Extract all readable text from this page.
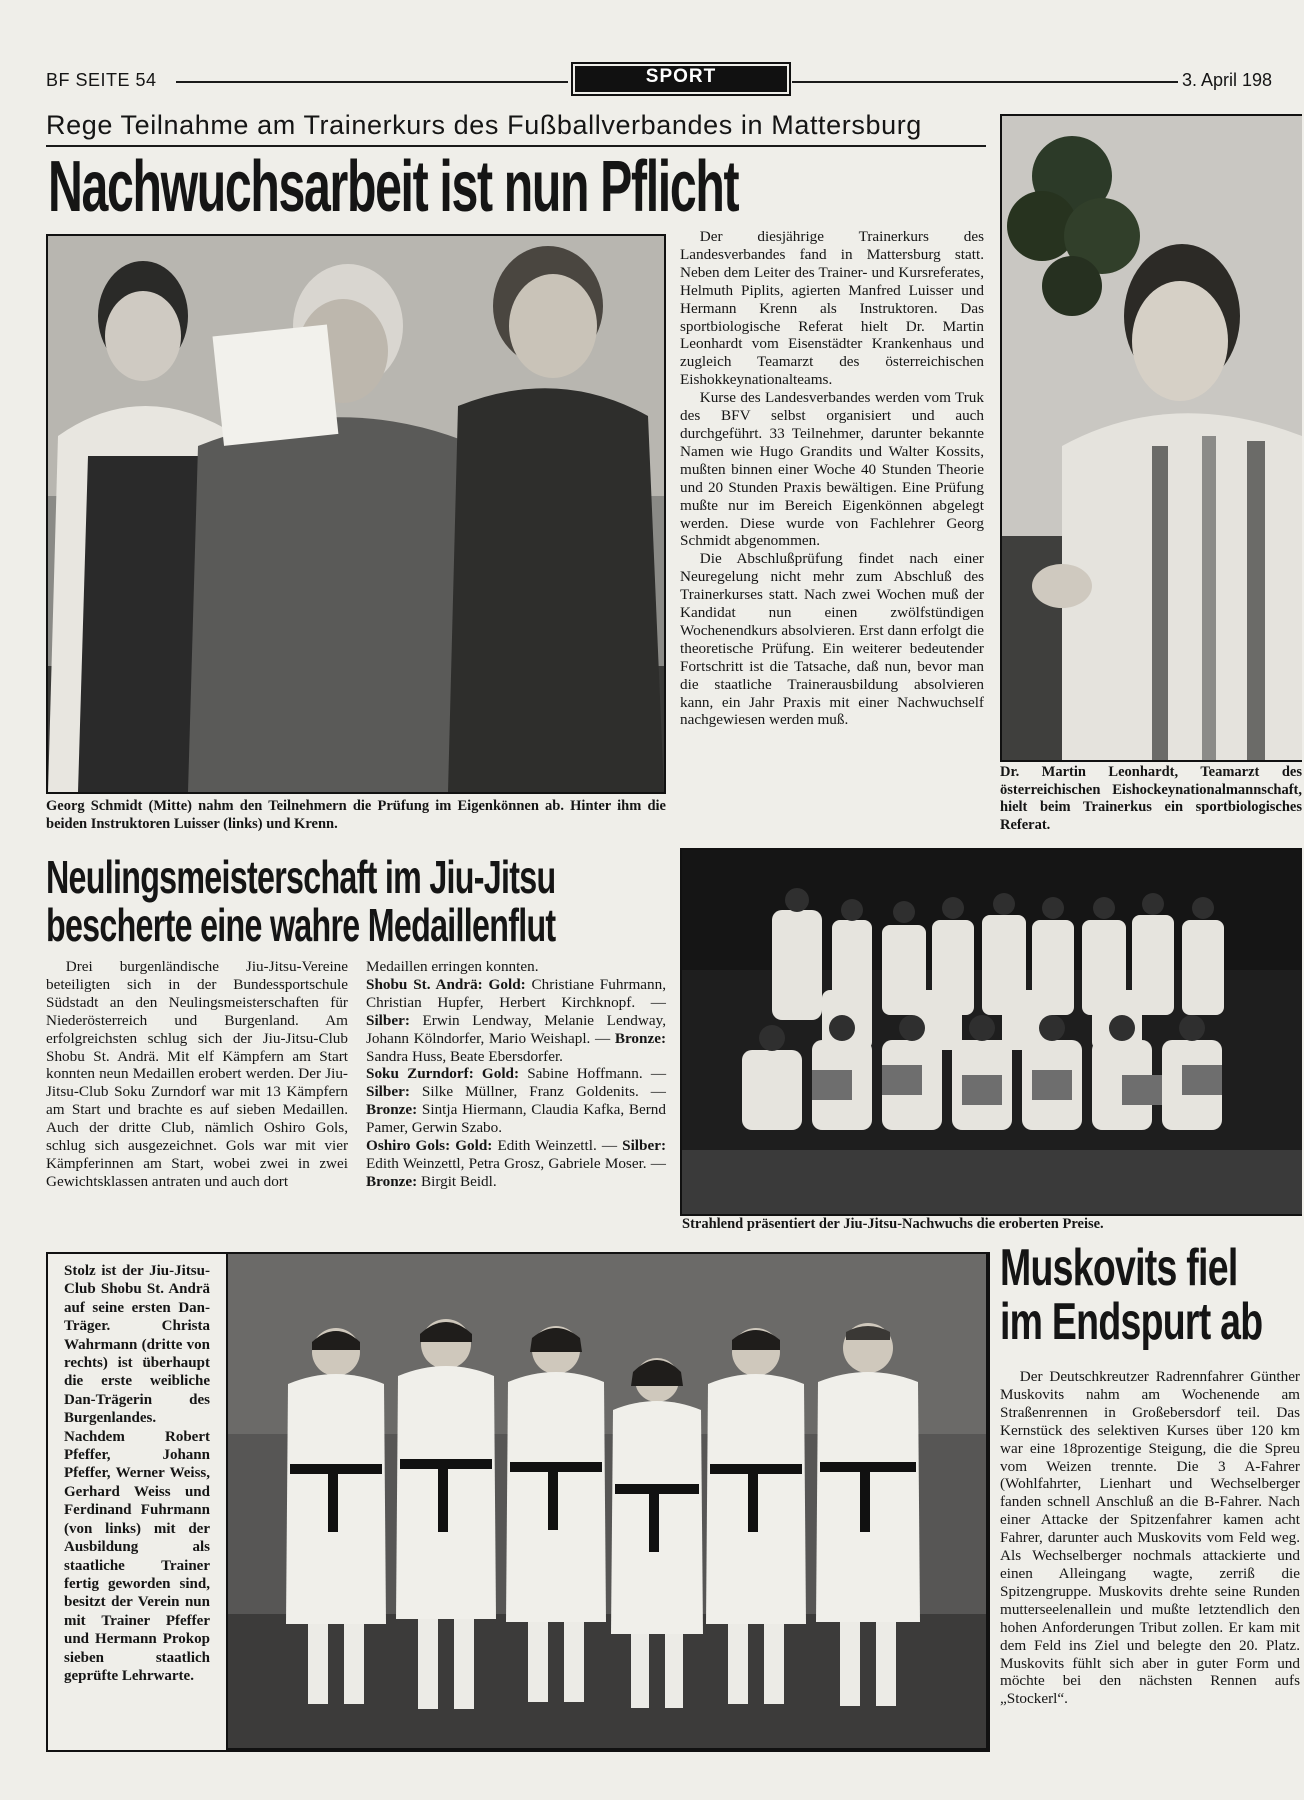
BF SEITE 54	SPORT	3. April 198
Rege Teilnahme am Trainerkurs des Fußballverbandes in Mattersburg
Nachwuchsarbeit ist nun Pflicht
Georg Schmidt (Mitte) nahm den Teilnehmern die Prüfung im Eigenkönnen ab. Hinter ihm die beiden Instruktoren Luisser (links) und Krenn.
Der diesjährige Trainerkurs des Landesverbandes fand in Mattersburg statt. Neben dem Leiter des Trainer- und Kursreferates, Helmuth Piplits, agierten Manfred Luisser und Hermann Krenn als Instruktoren. Das sportbiologische Referat hielt Dr. Martin Leonhardt vom Eisenstädter Krankenhaus und zugleich Teamarzt des österreichischen Eishokkeynationalteams.
Kurse des Landesverbandes werden vom Truk des BFV selbst organisiert und auch durchgeführt. 33 Teilnehmer, darunter bekannte Namen wie Hugo Grandits und Walter Kossits, mußten binnen einer Woche 40 Stunden Theorie und 20 Stunden Praxis bewältigen. Eine Prüfung mußte nur im Bereich Eigenkönnen abgelegt werden. Diese wurde von Fachlehrer Georg Schmidt abgenommen.
Die Abschlußprüfung findet nach einer Neuregelung nicht mehr zum Abschluß des Trainerkurses statt. Nach zwei Wochen muß der Kandidat nun einen zwölfstündigen Wochenendkurs absolvieren. Erst dann erfolgt die theoretische Prüfung. Ein weiterer bedeutender Fortschritt ist die Tatsache, daß nun, bevor man die staatliche Trainerausbildung absolvieren kann, ein Jahr Praxis mit einer Nachwuchself nachgewiesen werden muß.
Dr. Martin Leonhardt, Teamarzt des österreichischen Eishockeynationalmannschaft, hielt beim Trainerkus ein sportbiologisches Referat.
Neulingsmeisterschaft im Jiu-Jitsu
bescherte eine wahre Medaillenflut
Drei burgenländische Jiu-Jitsu-Vereine beteiligten sich in der Bundessportschule Südstadt an den Neulingsmeisterschaften für Niederösterreich und Burgenland. Am erfolgreichsten schlug sich der Jiu-Jitsu-Club Shobu St. Andrä. Mit elf Kämpfern am Start konnten neun Medaillen erobert werden. Der Jiu-Jitsu-Club Soku Zurndorf war mit 13 Kämpfern am Start und brachte es auf sieben Medaillen. Auch der dritte Club, nämlich Oshiro Gols, schlug sich ausgezeichnet. Gols war mit vier Kämpferinnen am Start, wobei zwei in zwei Gewichtsklassen antraten und auch dort
Medaillen erringen konnten.
Shobu St. Andrä: Gold: Christiane Fuhrmann, Christian Hupfer, Herbert Kirchknopf. — Silber: Erwin Lendway, Melanie Lendway, Johann Kölndorfer, Mario Weishapl. — Bronze: Sandra Huss, Beate Ebersdorfer.
Soku Zurndorf: Gold: Sabine Hoffmann. — Silber: Silke Müllner, Franz Goldenits. — Bronze: Sintja Hiermann, Claudia Kafka, Bernd Pamer, Gerwin Szabo.
Oshiro Gols: Gold: Edith Weinzettl. — Silber: Edith Weinzettl, Petra Grosz, Gabriele Moser. — Bronze: Birgit Beidl.
Strahlend präsentiert der Jiu-Jitsu-Nachwuchs die eroberten Preise.
Stolz ist der Jiu-Jitsu-Club Shobu St. Andrä auf seine ersten Dan-Träger. Christa Wahrmann (dritte von rechts) ist überhaupt die erste weibliche Dan-Trägerin des Burgenlandes. Nachdem Robert Pfeffer, Johann Pfeffer, Werner Weiss, Gerhard Weiss und Ferdinand Fuhrmann (von links) mit der Ausbildung als staatliche Trainer fertig geworden sind, besitzt der Verein nun mit Trainer Pfeffer und Hermann Prokop sieben staatlich geprüfte Lehrwarte.
Muskovits fiel
im Endspurt ab
Der Deutschkreutzer Radrennfahrer Günther Muskovits nahm am Wochenende am Straßenrennen in Großebersdorf teil. Das Kernstück des selektiven Kurses über 120 km war eine 18prozentige Steigung, die die Spreu vom Weizen trennte. Die 3 A-Fahrer (Wohlfahrter, Lienhart und Wechselberger fanden schnell Anschluß an die B-Fahrer. Nach einer Attacke der Spitzenfahrer kamen acht Fahrer, darunter auch Muskovits vom Feld weg. Als Wechselberger nochmals attackierte und einen Alleingang wagte, zerriß die Spitzengruppe. Muskovits drehte seine Runden mutterseelenallein und mußte letztendlich den hohen Anforderungen Tribut zollen. Er kam mit dem Feld ins Ziel und belegte den 20. Platz. Muskovits fühlt sich aber in guter Form und möchte bei den nächsten Rennen aufs „Stockerl“.
